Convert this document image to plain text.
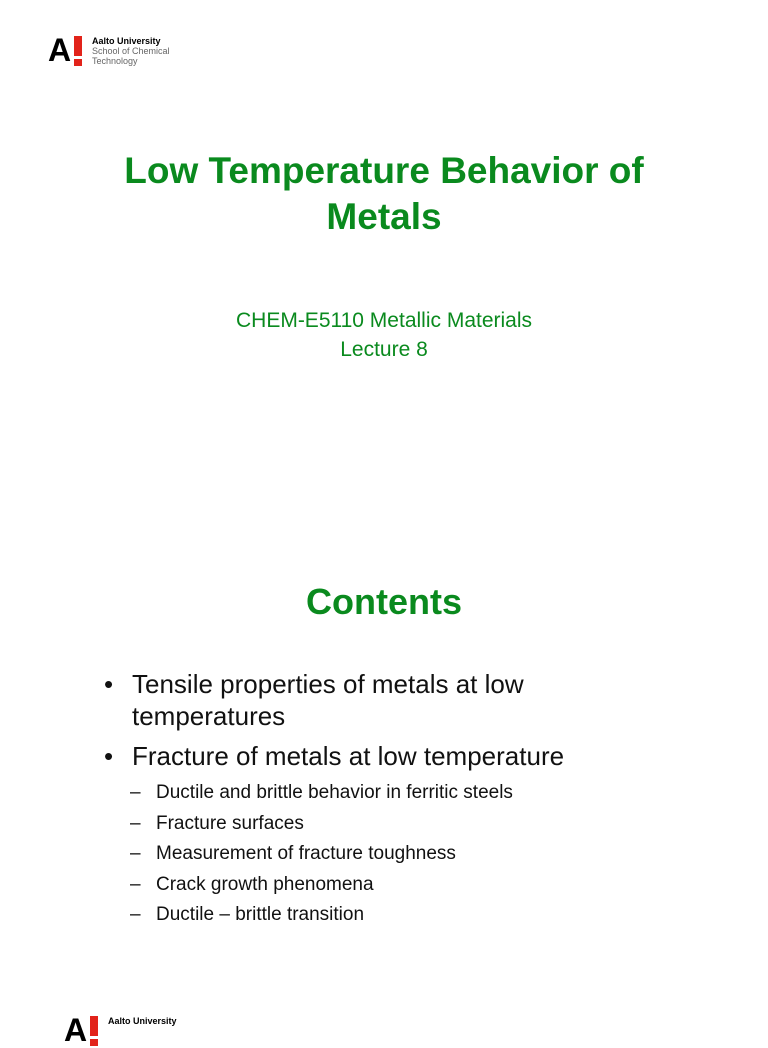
A Aalto University
School of Chemical
Technology
Low Temperature Behavior of
Metals
CHEM-E5110 Metallic Materials
Lecture 8
Contents
• Tensile properties of metals at low
temperatures
• Fracture of metals at low temperature
– Ductile and brittle behavior in ferritic steels
– Fracture surfaces
– Measurement of fracture toughness
– Crack growth phenomena
– Ductile – brittle transition
A Aalto University
